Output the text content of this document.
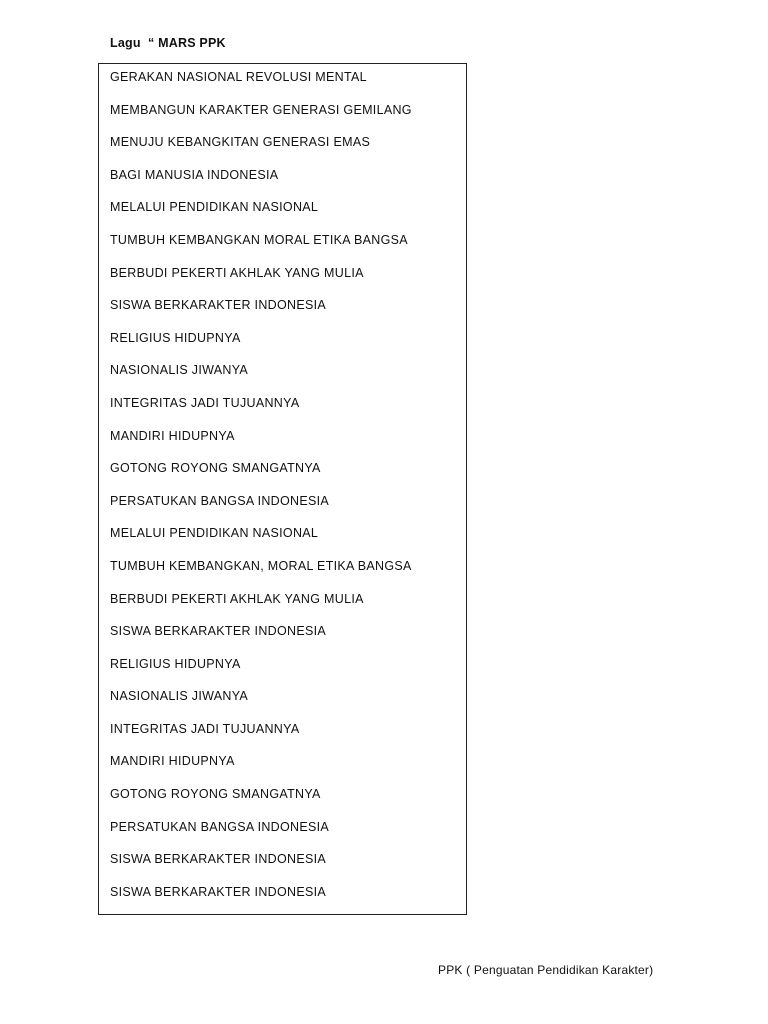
Lagu  “ MARS PPK
GERAKAN NASIONAL REVOLUSI MENTAL
MEMBANGUN KARAKTER GENERASI GEMILANG
MENUJU KEBANGKITAN GENERASI EMAS
BAGI MANUSIA INDONESIA
MELALUI PENDIDIKAN NASIONAL
TUMBUH KEMBANGKAN MORAL ETIKA BANGSA
BERBUDI PEKERTI AKHLAK YANG MULIA
SISWA BERKARAKTER INDONESIA
RELIGIUS HIDUPNYA
NASIONALIS JIWANYA
INTEGRITAS JADI TUJUANNYA
MANDIRI HIDUPNYA
GOTONG ROYONG SMANGATNYA
PERSATUKAN BANGSA INDONESIA
MELALUI PENDIDIKAN NASIONAL
TUMBUH KEMBANGKAN, MORAL ETIKA BANGSA
BERBUDI PEKERTI AKHLAK YANG MULIA
SISWA BERKARAKTER INDONESIA
RELIGIUS HIDUPNYA
NASIONALIS JIWANYA
INTEGRITAS JADI TUJUANNYA
MANDIRI HIDUPNYA
GOTONG ROYONG SMANGATNYA
PERSATUKAN BANGSA INDONESIA
SISWA BERKARAKTER INDONESIA
SISWA BERKARAKTER INDONESIA
PPK ( Penguatan Pendidikan Karakter)
